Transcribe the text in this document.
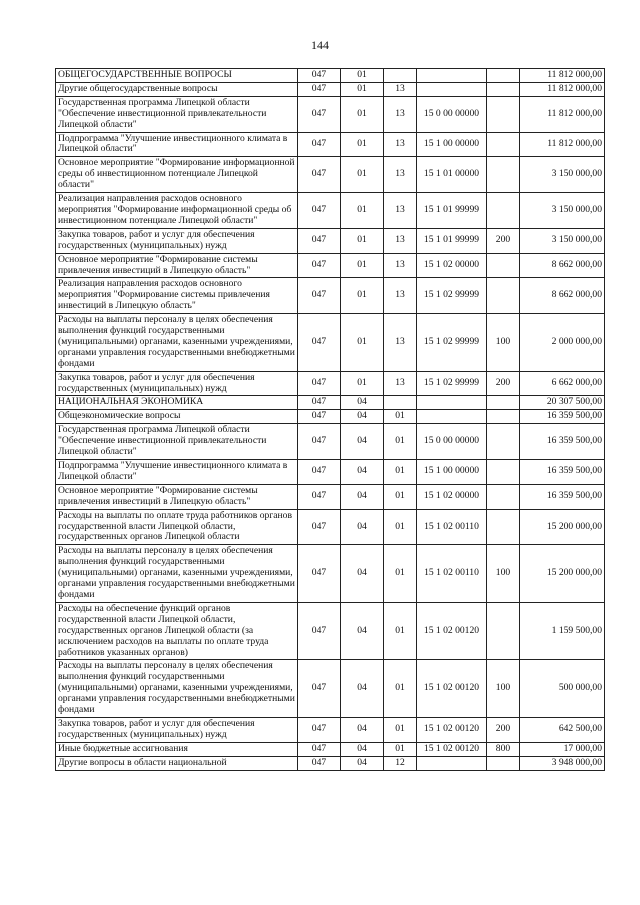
144
ОБЩЕГОСУДАРСТВЕННЫЕ ВОПРОСЫ	047	01				11 812 000,00
Другие общегосударственные вопросы	047	01	13			11 812 000,00
Государственная программа Липецкой области "Обеспечение инвестиционной привлекательности Липецкой области"	047	01	13	15 0 00 00000		11 812 000,00
Подпрограмма "Улучшение инвестиционного климата в Липецкой области"	047	01	13	15 1 00 00000		11 812 000,00
Основное мероприятие "Формирование информационной среды об инвестиционном потенциале Липецкой области"	047	01	13	15 1 01 00000		3 150 000,00
Реализация направления расходов основного мероприятия "Формирование информационной среды об инвестиционном потенциале Липецкой области"	047	01	13	15 1 01 99999		3 150 000,00
Закупка товаров, работ и услуг для обеспечения государственных (муниципальных) нужд	047	01	13	15 1 01 99999	200	3 150 000,00
Основное мероприятие "Формирование системы привлечения инвестиций в Липецкую область"	047	01	13	15 1 02 00000		8 662 000,00
Реализация направления расходов основного мероприятия "Формирование системы привлечения инвестиций в Липецкую область"	047	01	13	15 1 02 99999		8 662 000,00
Расходы на выплаты персоналу в целях обеспечения выполнения функций государственными (муниципальными) органами, казенными учреждениями, органами управления государственными внебюджетными фондами	047	01	13	15 1 02 99999	100	2 000 000,00
Закупка товаров, работ и услуг для обеспечения государственных (муниципальных) нужд	047	01	13	15 1 02 99999	200	6 662 000,00
НАЦИОНАЛЬНАЯ ЭКОНОМИКА	047	04				20 307 500,00
Общеэкономические вопросы	047	04	01			16 359 500,00
Государственная программа Липецкой области "Обеспечение инвестиционной привлекательности Липецкой области"	047	04	01	15 0 00 00000		16 359 500,00
Подпрограмма "Улучшение инвестиционного климата в Липецкой области"	047	04	01	15 1 00 00000		16 359 500,00
Основное мероприятие "Формирование системы привлечения инвестиций в Липецкую область"	047	04	01	15 1 02 00000		16 359 500,00
Расходы на выплаты по оплате труда работников органов государственной власти Липецкой области, государственных органов Липецкой области	047	04	01	15 1 02 00110		15 200 000,00
Расходы на выплаты персоналу в целях обеспечения выполнения функций государственными (муниципальными) органами, казенными учреждениями, органами управления государственными внебюджетными фондами	047	04	01	15 1 02 00110	100	15 200 000,00
Расходы на обеспечение функций органов государственной власти Липецкой области, государственных органов Липецкой области (за исключением расходов на выплаты по оплате труда работников указанных органов)	047	04	01	15 1 02 00120		1 159 500,00
Расходы на выплаты персоналу в целях обеспечения выполнения функций государственными (муниципальными) органами, казенными учреждениями, органами управления государственными внебюджетными фондами	047	04	01	15 1 02 00120	100	500 000,00
Закупка товаров, работ и услуг для обеспечения государственных (муниципальных) нужд	047	04	01	15 1 02 00120	200	642 500,00
Иные бюджетные ассигнования	047	04	01	15 1 02 00120	800	17 000,00
Другие вопросы в области национальной	047	04	12			3 948 000,00
